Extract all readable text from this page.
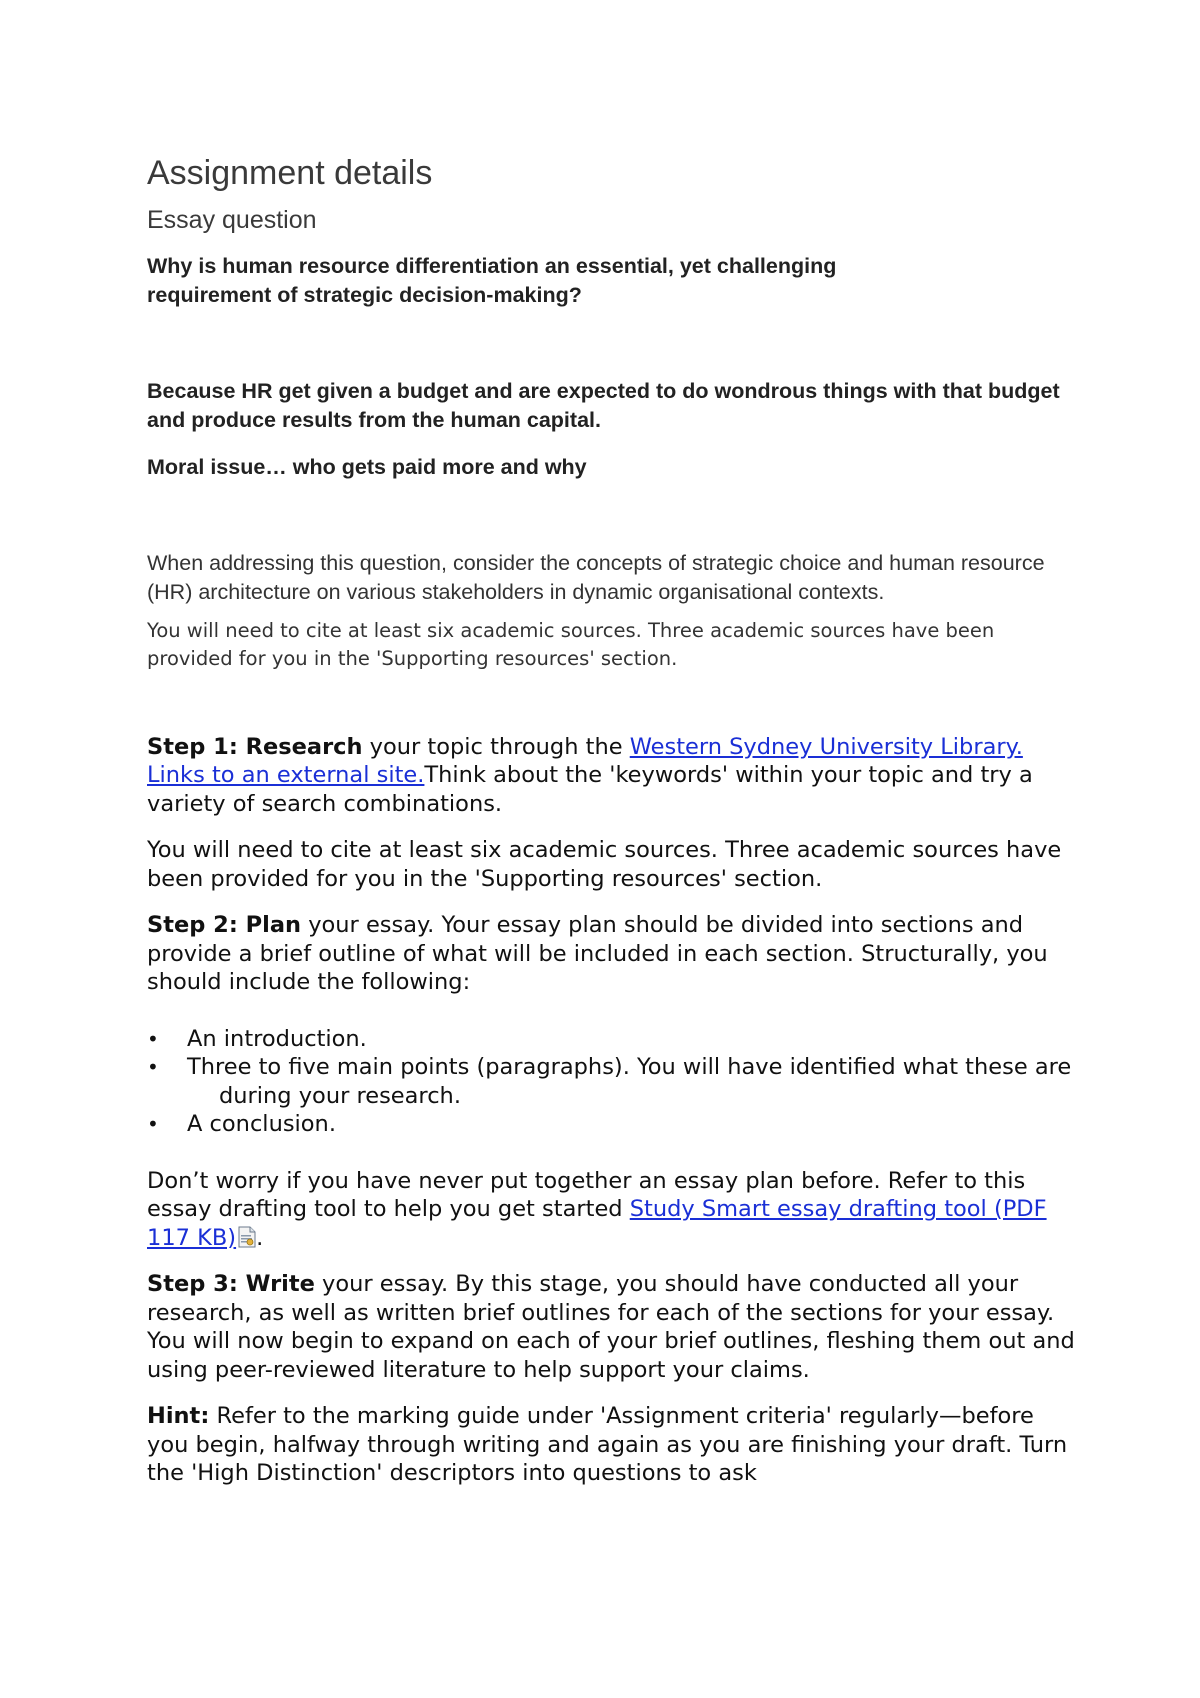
Assignment details
Essay question

Why is human resource differentiation an essential, yet challenging
requirement of strategic decision-making?

Because HR get given a budget and are expected to do wondrous things with that budget and produce results from the human capital.

Moral issue… who gets paid more and why

When addressing this question, consider the concepts of strategic choice and human resource (HR) architecture on various stakeholders in dynamic organisational contexts.

You will need to cite at least six academic sources. Three academic sources have been provided for you in the 'Supporting resources' section.

Step 1: Research your topic through the Western Sydney University Library. Links to an external site.Think about the 'keywords' within your topic and try a variety of search combinations.

You will need to cite at least six academic sources. Three academic sources have been provided for you in the 'Supporting resources' section.

Step 2: Plan your essay. Your essay plan should be divided into sections and provide a brief outline of what will be included in each section. Structurally, you should include the following:

• An introduction.
• Three to five main points (paragraphs). You will have identified what these are during your research.
• A conclusion.

Don’t worry if you have never put together an essay plan before. Refer to this essay drafting tool to help you get started Study Smart essay drafting tool (PDF 117 KB) .

Step 3: Write your essay. By this stage, you should have conducted all your research, as well as written brief outlines for each of the sections for your essay. You will now begin to expand on each of your brief outlines, fleshing them out and using peer-reviewed literature to help support your claims.

Hint: Refer to the marking guide under 'Assignment criteria' regularly—before you begin, halfway through writing and again as you are finishing your draft. Turn the 'High Distinction' descriptors into questions to ask
